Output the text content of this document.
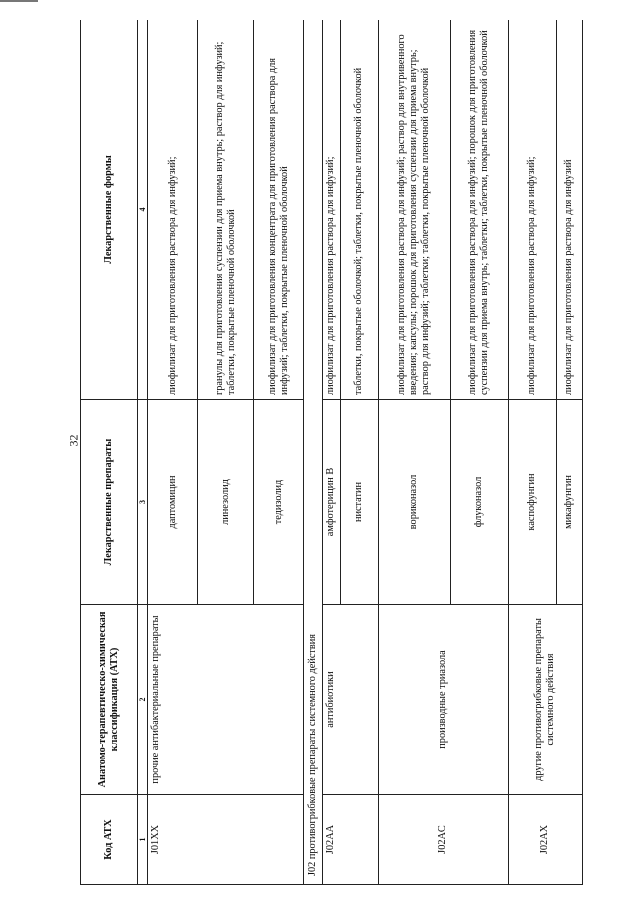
32
Код АТХ	Анатомо-терапевтическо-химическая классификация (АТХ)	Лекарственные препараты	Лекарственные формы
1	2	3	4
J01XX	прочие антибактериальные препараты	даптомицин	лиофилизат для приготовления раствора для инфузий;
		линезолид	гранулы для приготовления суспензии для приема внутрь; раствор для инфузий; таблетки, покрытые пленочной оболочкой
		тедизолид	лиофилизат для приготовления концентрата для приготовления раствора для инфузий; таблетки, покрытые пленочной оболочкой
J02 противогрибковые препараты системного действия			
J02AA	антибиотики	амфотерицин В	лиофилизат для приготовления раствора для инфузий;
		нистатин	таблетки, покрытые оболочкой; таблетки, покрытые пленочной оболочкой
J02AC	производные триазола	вориконазол	лиофилизат для приготовления раствора для инфузий; раствор для внутривенного введения; капсулы; порошок для приготовления суспензии для приема внутрь; раствор для инфузий; таблетки; таблетки, покрытые пленочной оболочкой
		флуконазол	лиофилизат для приготовления раствора для инфузий; порошок для приготовления суспензии для приема внутрь; таблетки; таблетки, покрытые пленочной оболочкой
J02AX	другие противогрибковые препараты системного действия	каспофунгин	лиофилизат для приготовления раствора для инфузий;
		микафунгин	лиофилизат для приготовления раствора для инфузий
